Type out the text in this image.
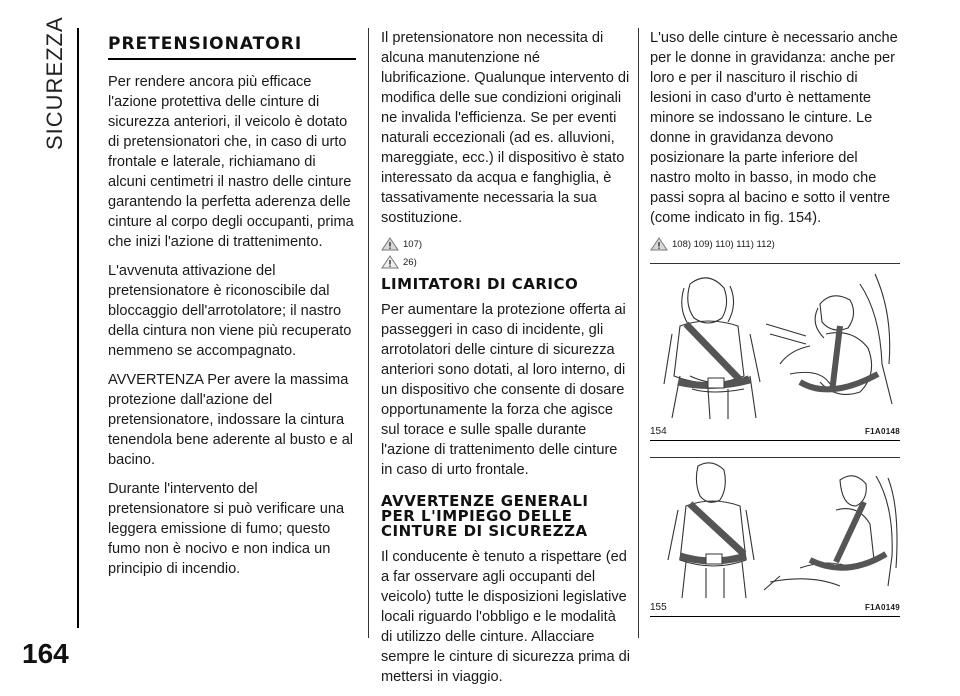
SICUREZZA
164
PRETENSIONATORI

Per rendere ancora più efficace l'azione protettiva delle cinture di sicurezza anteriori, il veicolo è dotato di pretensionatori che, in caso di urto frontale e laterale, richiamano di alcuni centimetri il nastro delle cinture garantendo la perfetta aderenza delle cinture al corpo degli occupanti, prima che inizi l'azione di trattenimento.

L'avvenuta attivazione del pretensionatore è riconoscibile dal bloccaggio dell'arrotolatore; il nastro della cintura non viene più recuperato nemmeno se accompagnato.

AVVERTENZA Per avere la massima protezione dall'azione del pretensionatore, indossare la cintura tenendola bene aderente al busto e al bacino.

Durante l'intervento del pretensionatore si può verificare una leggera emissione di fumo; questo fumo non è nocivo e non indica un principio di incendio.

Il pretensionatore non necessita di alcuna manutenzione né lubrificazione. Qualunque intervento di modifica delle sue condizioni originali ne invalida l'efficienza. Se per eventi naturali eccezionali (ad es. alluvioni, mareggiate, ecc.) il dispositivo è stato interessato da acqua e fanghiglia, è tassativamente necessaria la sua sostituzione.

107)
26)
LIMITATORI DI CARICO

Per aumentare la protezione offerta ai passeggeri in caso di incidente, gli arrotolatori delle cinture di sicurezza anteriori sono dotati, al loro interno, di un dispositivo che consente di dosare opportunamente la forza che agisce sul torace e sulle spalle durante l'azione di trattenimento delle cinture in caso di urto frontale.

AVVERTENZE GENERALI
PER L'IMPIEGO DELLE
CINTURE DI SICUREZZA

Il conducente è tenuto a rispettare (ed a far osservare agli occupanti del veicolo) tutte le disposizioni legislative locali riguardo l'obbligo e le modalità di utilizzo delle cinture. Allacciare sempre le cinture di sicurezza prima di mettersi in viaggio.

L'uso delle cinture è necessario anche per le donne in gravidanza: anche per loro e per il nascituro il rischio di lesioni in caso d'urto è nettamente minore se indossano le cinture. Le donne in gravidanza devono posizionare la parte inferiore del nastro molto in basso, in modo che passi sopra al bacino e sotto il ventre (come indicato in fig. 154).

108) 109) 110) 111) 112)
154	F1A0148
155	F1A0149
